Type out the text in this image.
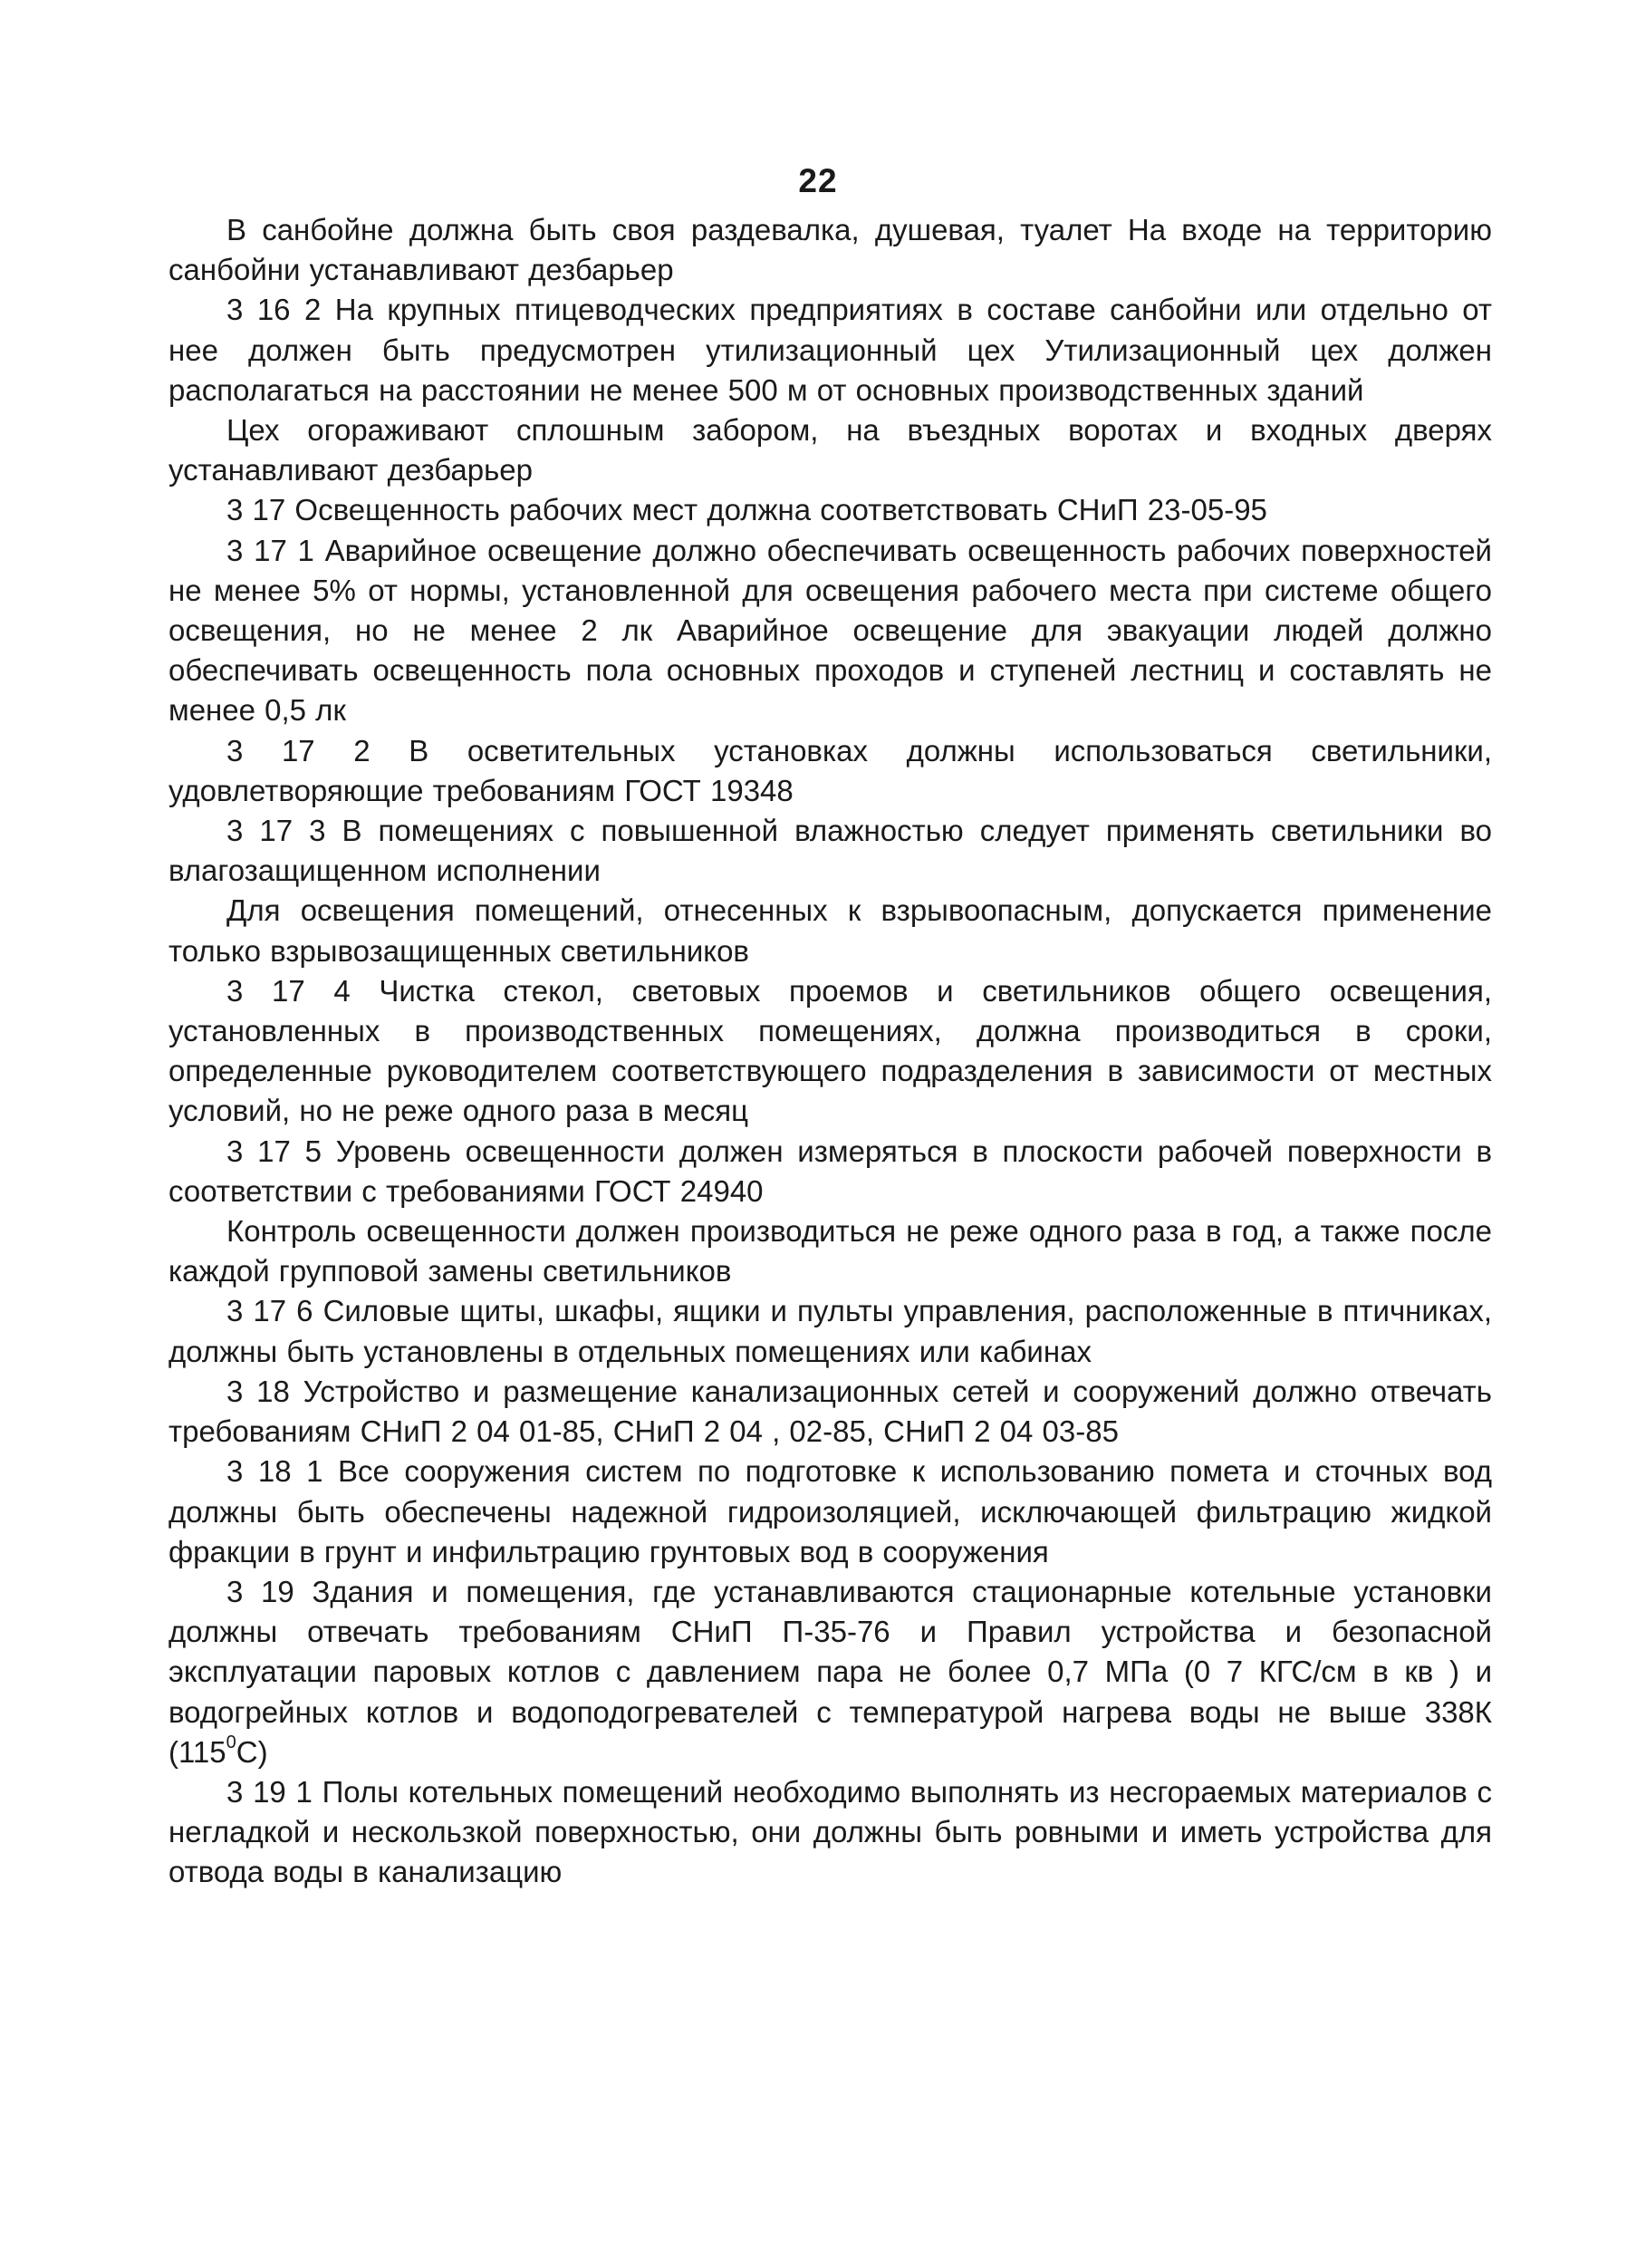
22

В санбойне должна быть своя раздевалка, душевая, туалет На входе на территорию санбойни устанавливают дезбарьер

3 16 2 На крупных птицеводческих предприятиях в составе санбойни или отдельно от нее должен быть предусмотрен утилизационный цех Утилизационный цех должен располагаться на расстоянии не менее 500 м от основных производственных зданий

Цех огораживают сплошным забором, на въездных воротах и входных дверях устанавливают дезбарьер

3 17 Освещенность рабочих мест должна соответствовать СНиП 23-05-95

3 17 1 Аварийное освещение должно обеспечивать освещенность рабочих поверхностей не менее 5% от нормы, установленной для освещения рабочего места при системе общего освещения, но не менее 2 лк Аварийное освещение для эвакуации людей должно обеспечивать освещенность пола основных проходов и ступеней лестниц и составлять не менее 0,5 лк

3 17 2 В осветительных установках должны использоваться светильники, удовлетворяющие требованиям ГОСТ 19348

3 17 3 В помещениях с повышенной влажностью следует применять светильники во влагозащищенном исполнении

Для освещения помещений, отнесенных к взрывоопасным, допускается применение только взрывозащищенных светильников

3 17 4 Чистка стекол, световых проемов и светильников общего освещения, установленных в производственных помещениях, должна производиться в сроки, определенные руководителем соответствующего подразделения в зависимости от местных условий, но не реже одного раза в месяц

3 17 5 Уровень освещенности должен измеряться в плоскости рабочей поверхности в соответствии с требованиями ГОСТ 24940

Контроль освещенности должен производиться не реже одного раза в год, а также после каждой групповой замены светильников

3 17 6 Силовые щиты, шкафы, ящики и пульты управления, расположенные в птичниках, должны быть установлены в отдельных помещениях или кабинах

3 18 Устройство и размещение канализационных сетей и сооружений должно отвечать требованиям СНиП 2 04 01-85, СНиП 2 04 , 02-85, СНиП 2 04 03-85

3 18 1 Все сооружения систем по подготовке к использованию помета и сточных вод должны быть обеспечены надежной гидроизоляцией, исключающей фильтрацию жидкой фракции в грунт и инфильтрацию грунтовых вод в сооружения

3 19 Здания и помещения, где устанавливаются стационарные котельные установки должны отвечать требованиям СНиП П-35-76 и Правил устройства и безопасной эксплуатации паровых котлов с давлением пара не более 0,7 МПа (0 7 КГС/см в кв ) и водогрейных котлов и водоподогревателей с температурой нагрева воды не выше 338К $(115^0С)$

3 19 1 Полы котельных помещений необходимо выполнять из несгораемых материалов с негладкой и нескользкой поверхностью, они должны быть ровными и иметь устройства для отвода воды в канализацию
